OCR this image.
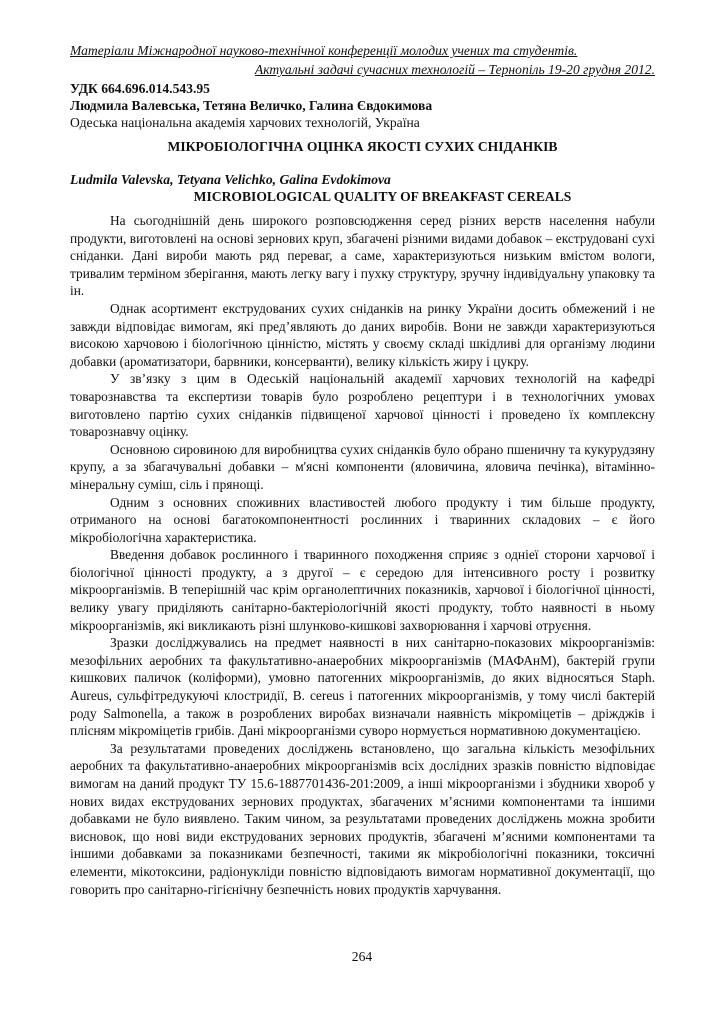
Матеріали Міжнародної науково-технічної конференції молодих учених та студентів.
Актуальні задачі сучасних технологій – Тернопіль 19-20 грудня 2012.
УДК 664.696.014.543.95
Людмила Валевська, Тетяна Величко, Галина Євдокимова
Одеська національна академія харчових технологій, Україна
МІКРОБІОЛОГІЧНА ОЦІНКА ЯКОСТІ СУХИХ СНІДАНКІВ
Ludmila Valevska, Tetyana Velichko, Galina Evdokimova
MICROBIOLOGICAL QUALITY OF BREAKFAST CEREALS

На сьогоднішній день широкого розповсюдження серед різних верств населення набули продукти, виготовлені на основі зернових круп, збагачені різними видами добавок – екструдовані сухі сніданки. Дані вироби мають ряд переваг, а саме, характеризуються низьким вмістом вологи, тривалим терміном зберігання, мають легку вагу і пухку структуру, зручну індивідуальну упаковку та ін.

Однак асортимент екструдованих сухих сніданків на ринку України досить обмежений і не завжди відповідає вимогам, які пред’являють до даних виробів. Вони не завжди характеризуються високою харчовою і біологічною цінністю, містять у своєму складі шкідливі для організму людини добавки (ароматизатори, барвники, консерванти), велику кількість жиру і цукру.

У зв’язку з цим в Одеській національній академії харчових технологій на кафедрі товарознавства та експертизи товарів було розроблено рецептури і в технологічних умовах виготовлено партію сухих сніданків підвищеної харчової цінності і проведено їх комплексну товарознавчу оцінку.

Основною сировиною для виробництва сухих сніданків було обрано пшеничну та кукурудзяну крупу, а за збагачувальні добавки – м'ясні компоненти (яловичина, яловича печінка), вітамінно-мінеральну суміш, сіль і прянощі.

Одним з основних споживних властивостей любого продукту і тим більше продукту, отриманого на основі багатокомпонентності рослинних і тваринних складових – є його мікробіологічна характеристика.

Введення добавок рослинного і тваринного походження сприяє з одніеї сторони харчової і біологічної цінності продукту, а з другої – є середою для інтенсивного росту і розвитку мікроорганізмів. В теперішній час крім органолептичних показників, харчової і біологічної цінності, велику увагу приділяють санітарно-бактеріологічній якості продукту, тобто наявності в ньому мікроорганізмів, які викликають різні шлунково-кишкові захворювання і харчові отруєння.

Зразки досліджувались на предмет наявності в них санітарно-показових мікроорганізмів: мезофільних аеробних та факультативно-анаеробних мікроорганізмів (МАФАнМ), бактерій групи кишкових паличок (коліформи), умовно патогенних мікроорганізмів, до яких відносяться Staph. Aureus, сульфітредукуючі клостридії, B. cereus і патогенних мікроорганізмів, у тому числі бактерій роду Salmonella, а також в розроблених виробах визначали наявність мікроміцетів – дріжджів і плісням мікроміцетів грибів. Дані мікроорганізми суворо нормується нормативною документацією.

За результатами проведених досліджень встановлено, що загальна кількість мезофільних аеробних та факультативно-анаеробних мікроорганізмів всіх дослідних зразків повністю відповідає вимогам на даний продукт ТУ 15.6-1887701436-201:2009, а інші мікроорганізми і збудники хвороб у нових видах екструдованих зернових продуктах, збагачених м’ясними компонентами та іншими добавками не було виявлено. Таким чином, за результатами проведених досліджень можна зробити висновок, що нові види екструдованих зернових продуктів, збагачені м’ясними компонентами та іншими добавками за показниками безпечності, такими як мікробіологічні показники, токсичні елементи, мікотоксини, радіонукліди повністю відповідають вимогам нормативної документації, що говорить про санітарно-гігієнічну безпечність нових продуктів харчування.

264
